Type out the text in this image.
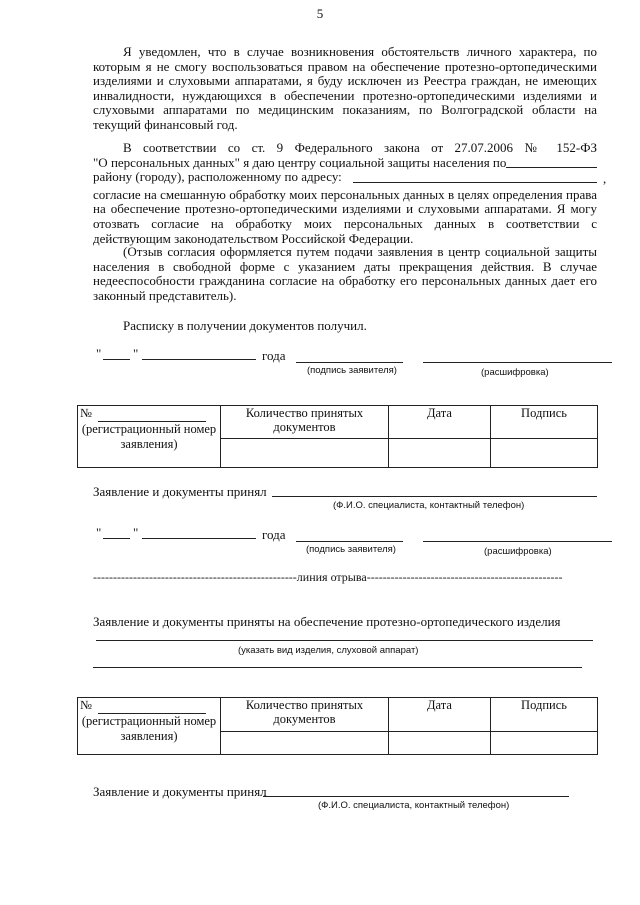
5

Я уведомлен, что в случае возникновения обстоятельств личного характера, по которым я не смогу воспользоваться правом на обеспечение протезно-ортопедическими изделиями и слуховыми аппаратами, я буду исключен из Реестра граждан, не имеющих инвалидности, нуждающихся в обеспечении протезно-ортопедическими изделиями и слуховыми аппаратами по медицинским показаниям, по Волгоградской области на текущий финансовый год.

В соответствии со ст. 9 Федерального закона от 27.07.2006 № 152-ФЗ

"О персональных данных" я даю центру социальной защиты населения по

району (городу), расположенному по адресу:

согласие на смешанную обработку моих персональных данных в целях определения права на обеспечение протезно-ортопедическими изделиями и слуховыми аппаратами. Я могу отозвать согласие на обработку моих персональных данных в соответствии с действующим законодательством Российской Федерации.

,

(Отзыв согласия оформляется путем подачи заявления в центр социальной защиты населения в свободной форме с указанием даты прекращения действия. В случае недееспособности гражданина согласие на обработку его персональных данных дает его законный представитель).

Расписку в получении документов получил.
" "	года
(подпись заявителя)	(расшифровка)
№
(регистрационный номер заявления)	Количество принятых документов	Дата	Подпись

Заявление и документы принял
(Ф.И.О. специалиста, контактный телефон)
" "	года
(подпись заявителя)	(расшифровка)
---------------------------------------------------линия отрыва-------------------------------------------------
Заявление и документы приняты на обеспечение протезно-ортопедического изделия
(указать вид изделия, слуховой аппарат)
№
(регистрационный номер заявления)	Количество принятых документов	Дата	Подпись

Заявление и документы принял
(Ф.И.О. специалиста, контактный телефон)
